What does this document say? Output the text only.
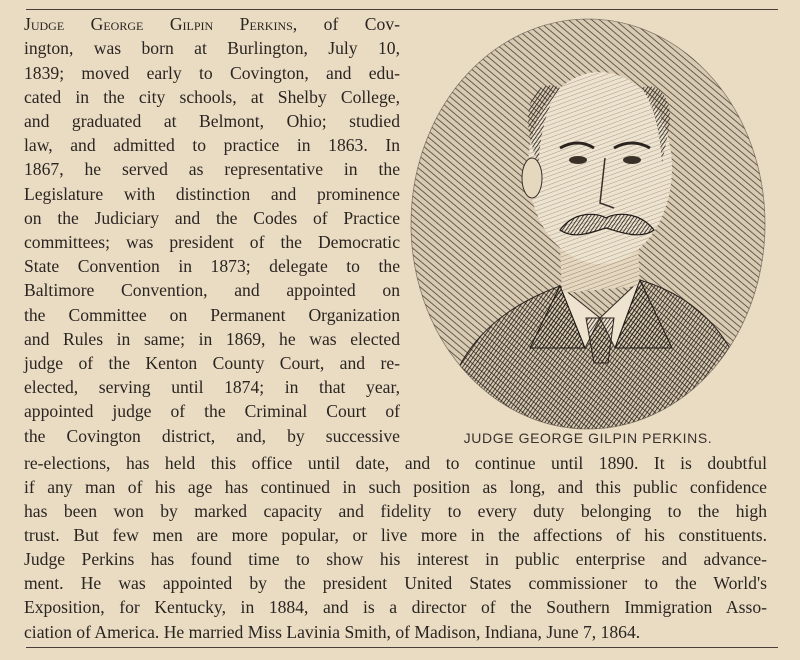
Judge George Gilpin Perkins, of Cov-
ington, was born at Burlington, July 10,
1839; moved early to Covington, and edu-
cated in the city schools, at Shelby College,
and graduated at Belmont, Ohio; studied
law, and admitted to practice in 1863. In
1867, he served as representative in the
Legislature with distinction and prominence
on the Judiciary and the Codes of Practice
committees; was president of the Democratic
State Convention in 1873; delegate to the
Baltimore Convention, and appointed on
the Committee on Permanent Organization
and Rules in same; in 1869, he was elected
judge of the Kenton County Court, and re-
elected, serving until 1874; in that year,
appointed judge of the Criminal Court of
the Covington district, and, by successive
re-elections, has held this office until date, and to continue until 1890. It is doubtful
if any man of his age has continued in such position as long, and this public confidence
has been won by marked capacity and fidelity to every duty belonging to the high
trust. But few men are more popular, or live more in the affections of his constituents.
Judge Perkins has found time to show his interest in public enterprise and advance-
ment. He was appointed by the president United States commissioner to the World's
Exposition, for Kentucky, in 1884, and is a director of the Southern Immigration Asso-
ciation of America. He married Miss Lavinia Smith, of Madison, Indiana, June 7, 1864.
JUDGE GEORGE GILPIN PERKINS.
